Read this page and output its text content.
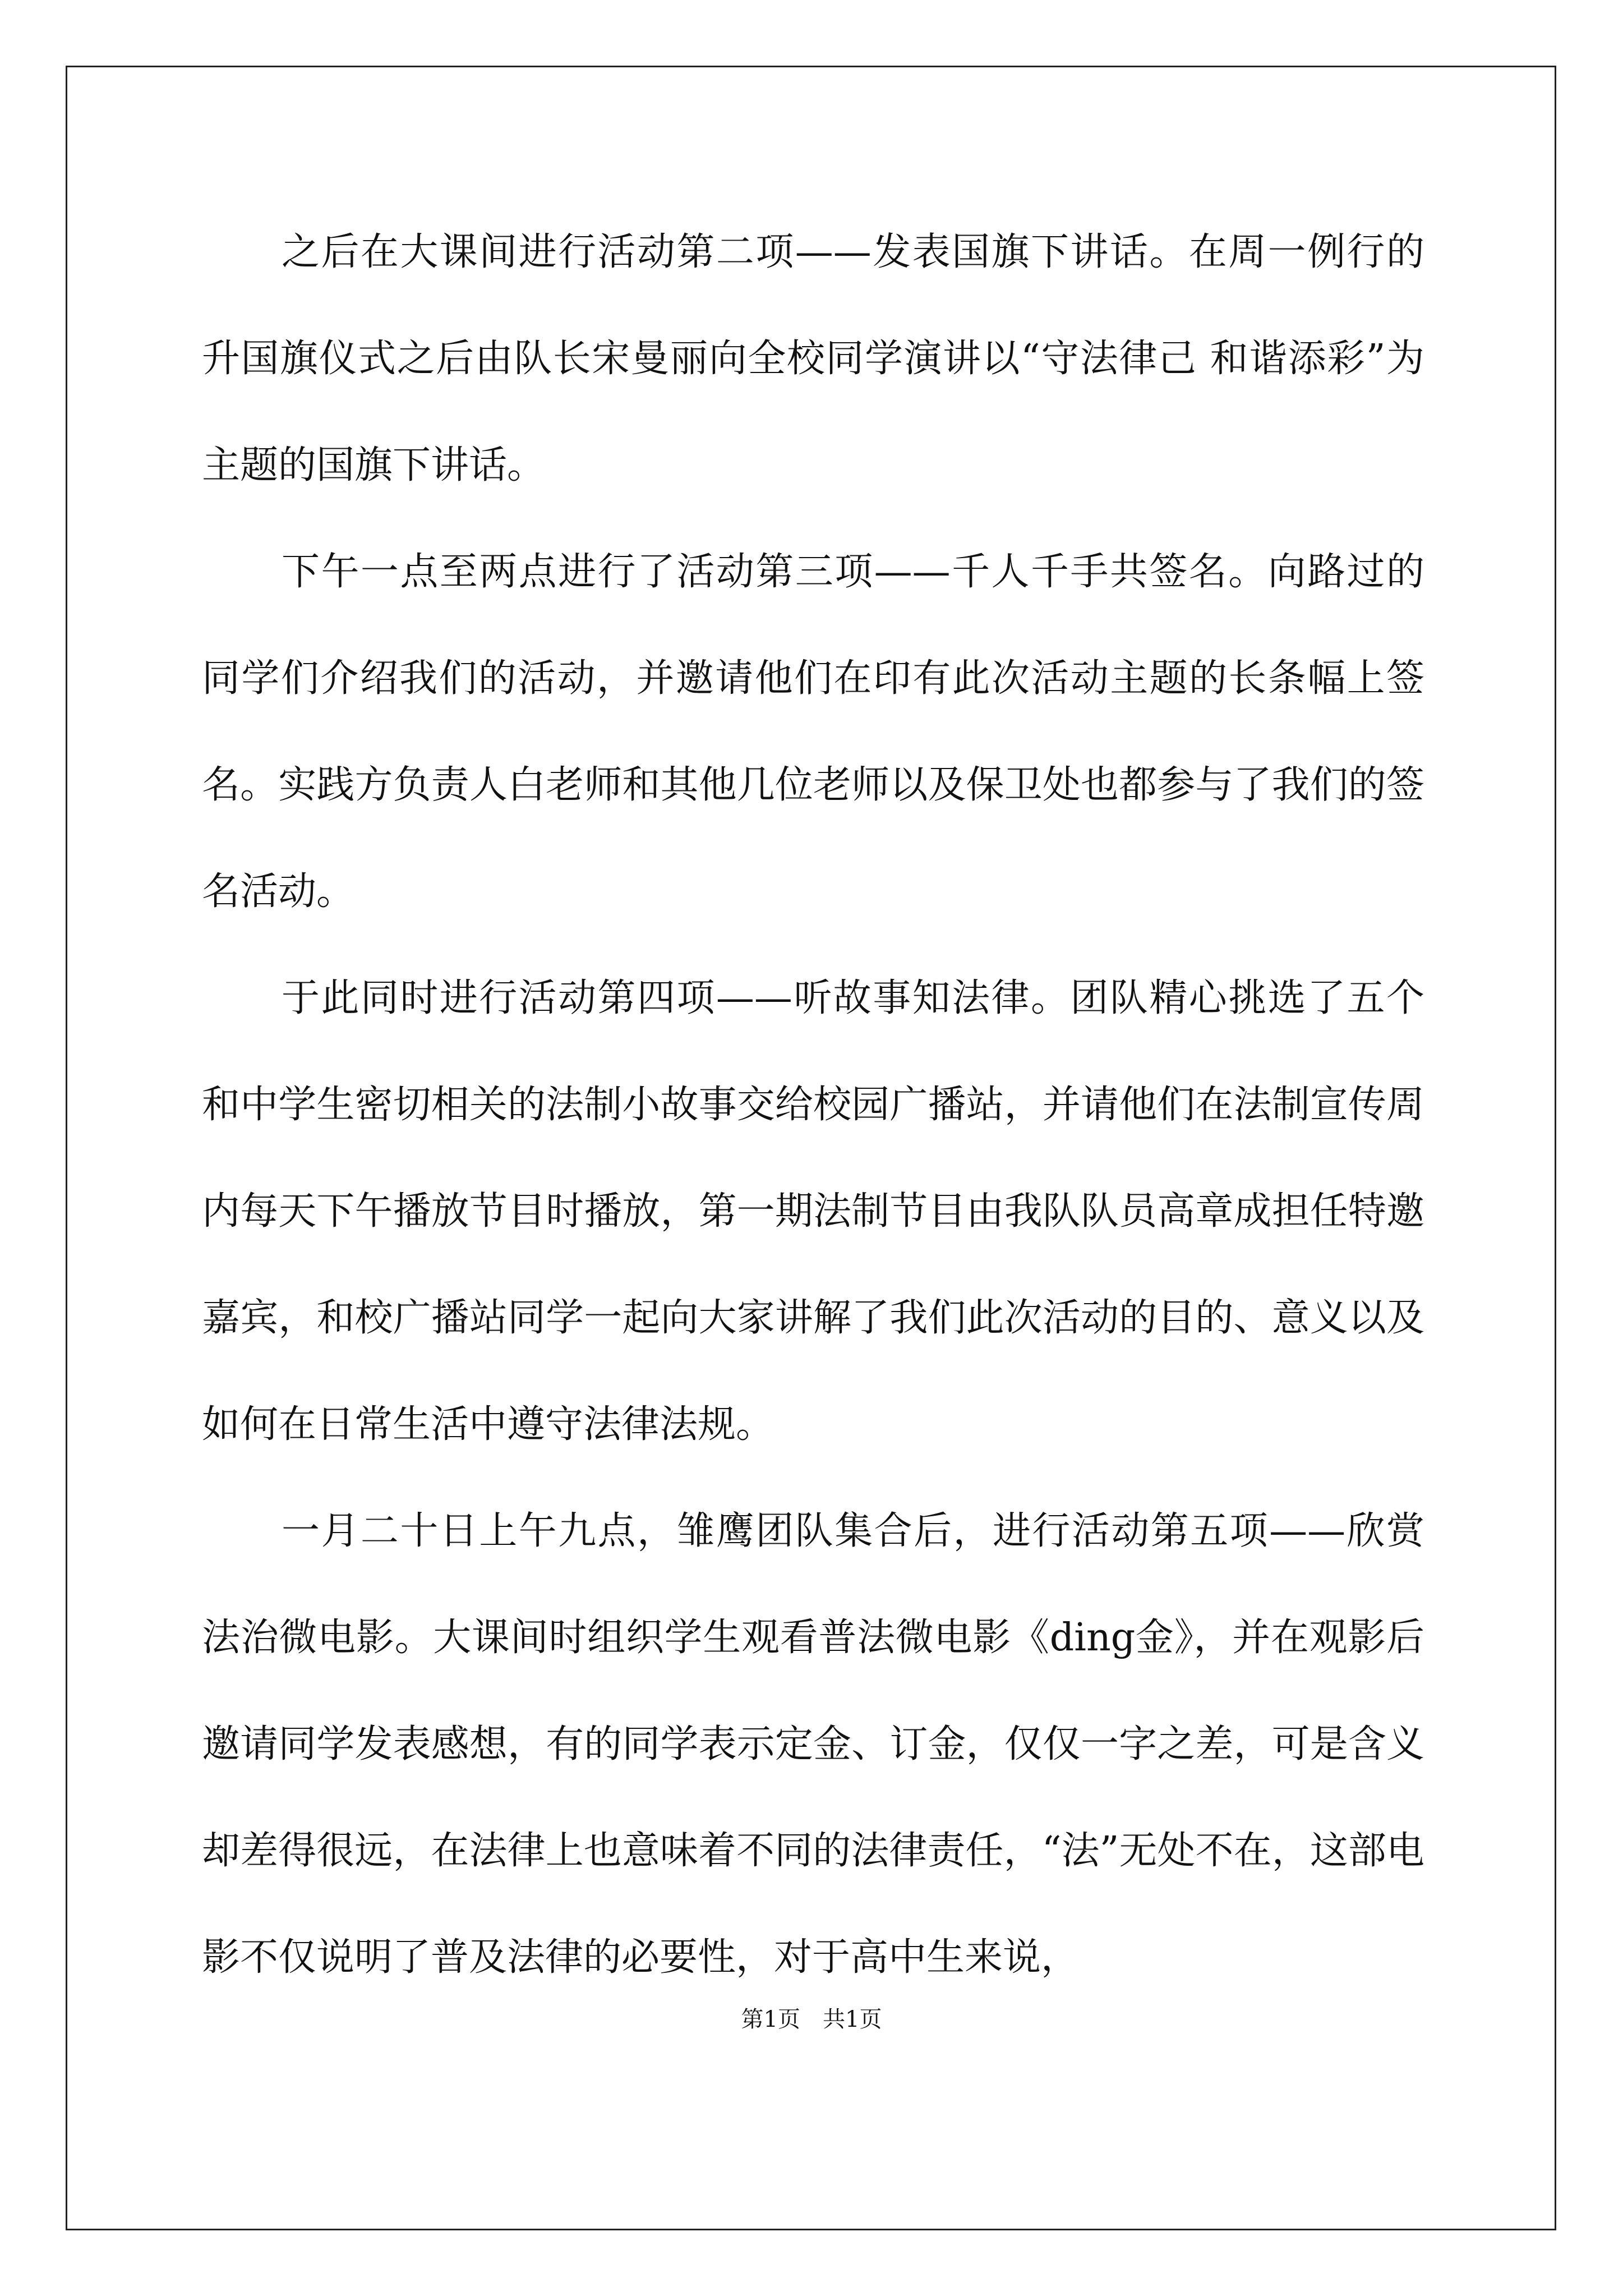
之后在大课间进行活动第二项——发表国旗下讲话。在周一例行的升国旗仪式之后由队长宋曼丽向全校同学演讲以“守法律己 和谐添彩”为主题的国旗下讲话。

下午一点至两点进行了活动第三项——千人千手共签名。向路过的同学们介绍我们的活动，并邀请他们在印有此次活动主题的长条幅上签名。实践方负责人白老师和其他几位老师以及保卫处也都参与了我们的签名活动。

于此同时进行活动第四项——听故事知法律。团队精心挑选了五个和中学生密切相关的法制小故事交给校园广播站，并请他们在法制宣传周内每天下午播放节目时播放，第一期法制节目由我队队员高章成担任特邀嘉宾，和校广播站同学一起向大家讲解了我们此次活动的目的、意义以及如何在日常生活中遵守法律法规。

一月二十日上午九点，雏鹰团队集合后，进行活动第五项——欣赏法治微电影。大课间时组织学生观看普法微电影《ding金》，并在观影后邀请同学发表感想，有的同学表示定金、订金，仅仅一字之差，可是含义却差得很远，在法律上也意味着不同的法律责任，“法”无处不在，这部电影不仅说明了普及法律的必要性，对于高中生来说，

第1页　共1页
